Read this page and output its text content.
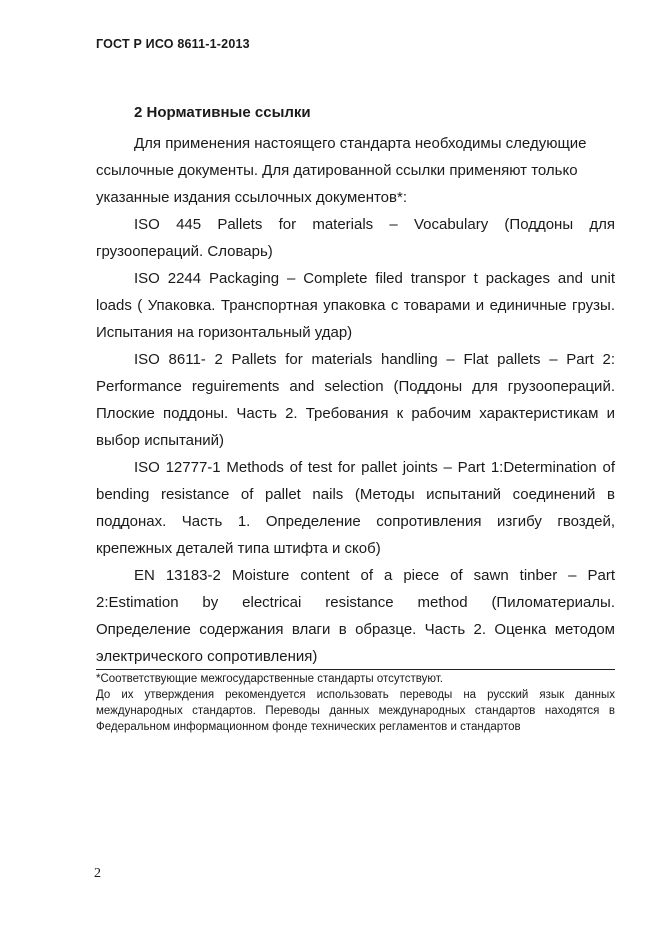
ГОСТ Р ИСО 8611-1-2013
2 Нормативные ссылки

Для применения настоящего стандарта необходимы следующие ссылочные документы. Для датированной ссылки применяют только указанные издания ссылочных документов*:

ISO 445 Pallets for materials – Vocabulary (Поддоны для грузоопераций. Словарь)

ISO 2244 Packaging – Complete filed transpor t packages and unit loads ( Упаковка. Транспортная упаковка с товарами и единичные грузы. Испытания на горизонтальный удар)

ISO 8611- 2 Pallets for materials handling – Flat pallets – Part 2: Performance reguirements and selection (Поддоны для грузоопераций. Плоские поддоны. Часть 2. Требования к рабочим характеристикам и выбор испытаний)

ISO 12777-1 Methods of test for pallet joints – Part 1:Determination of bending resistance of pallet nails (Методы испытаний соединений в поддонах. Часть 1. Определение сопротивления изгибу гвоздей, крепежных деталей типа штифта и скоб)

EN 13183-2 Moisture content of a piece of sawn tinber – Part 2:Estimation by electricai resistance method (Пиломатериалы. Определение содержания влаги в образце. Часть 2. Оценка методом электрического сопротивления)

*Соответствующие межгосударственные стандарты отсутствуют.

До их утверждения рекомендуется использовать переводы на русский язык данных международных стандартов. Переводы данных международных стандартов находятся в Федеральном информационном фонде технических регламентов и стандартов

2
